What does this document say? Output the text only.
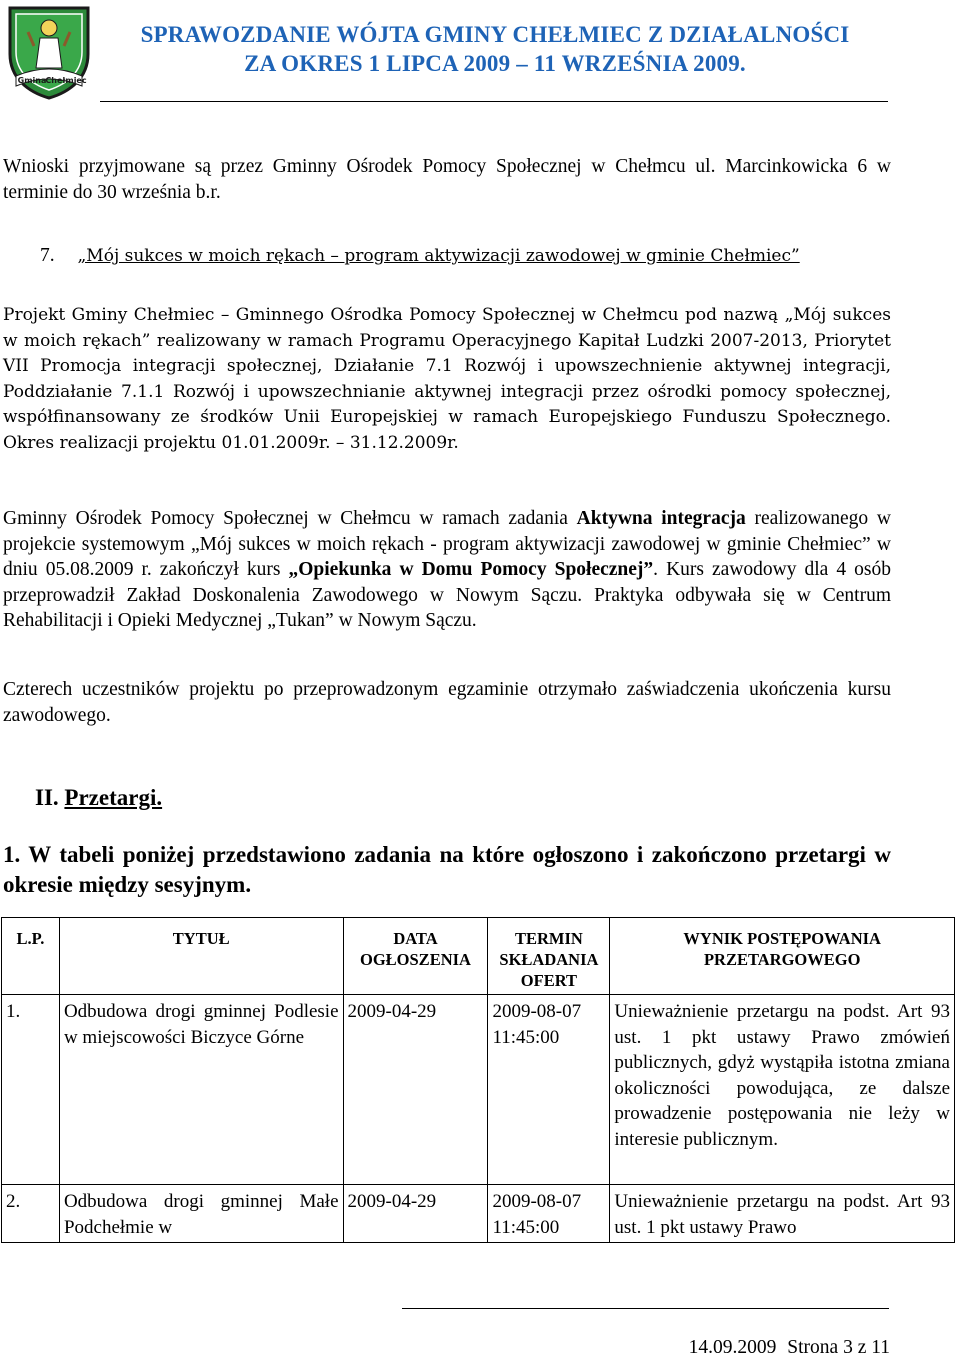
Gmina Chełmiec
SPRAWOZDANIE WÓJTA GMINY CHEŁMIEC Z DZIAŁALNOŚCI
ZA OKRES 1 LIPCA 2009 – 11 WRZEŚNIA 2009.
Wnioski przyjmowane są przez Gminny Ośrodek Pomocy Społecznej w Chełmcu ul. Marcinkowicka 6 w terminie do 30 września b.r.
7. „Mój sukces w moich rękach – program aktywizacji zawodowej w gminie Chełmiec”
Projekt Gminy Chełmiec – Gminnego Ośrodka Pomocy Społecznej w Chełmcu pod nazwą „Mój sukces w moich rękach” realizowany w ramach Programu Operacyjnego Kapitał Ludzki 2007-2013, Priorytet VII Promocja integracji społecznej, Działanie 7.1 Rozwój i upowszechnienie aktywnej integracji, Poddziałanie 7.1.1 Rozwój i upowszechnianie aktywnej integracji przez ośrodki pomocy społecznej, współfinansowany ze środków Unii Europejskiej w ramach Europejskiego Funduszu Społecznego. Okres realizacji projektu 01.01.2009r. – 31.12.2009r.
Gminny Ośrodek Pomocy Społecznej w Chełmcu w ramach zadania Aktywna integracja realizowanego w projekcie systemowym „Mój sukces w moich rękach - program aktywizacji zawodowej w gminie Chełmiec” w dniu 05.08.2009 r. zakończył kurs „Opiekunka w Domu Pomocy Społecznej”. Kurs zawodowy dla 4 osób przeprowadził Zakład Doskonalenia Zawodowego w Nowym Sączu. Praktyka odbywała się w Centrum Rehabilitacji i Opieki Medycznej „Tukan” w Nowym Sączu.
Czterech uczestników projektu po przeprowadzonym egzaminie otrzymało zaświadczenia ukończenia kursu zawodowego.
II. Przetargi.
1. W tabeli poniżej przedstawiono zadania na które ogłoszono i zakończono przetargi w okresie między sesyjnym.
L.P.	TYTUŁ	DATA OGŁOSZENIA	TERMIN SKŁADANIA OFERT	WYNIK POSTĘPOWANIA PRZETARGOWEGO
1.	Odbudowa drogi gminnej Podlesie w miejscowości Biczyce Górne	2009-04-29	2009-08-07 11:45:00	Unieważnienie przetargu na podst. Art 93 ust. 1 pkt ustawy Prawo zmówień publicznych, gdyż wystąpiła istotna zmiana okoliczności powodująca, ze dalsze prowadzenie postępowania nie leży w interesie publicznym.
2.	Odbudowa drogi gminnej Małe Podchełmie w	2009-04-29	2009-08-07 11:45:00	Unieważnienie przetargu na podst. Art 93 ust. 1 pkt ustawy Prawo
14.09.2009 Strona 3 z 11
